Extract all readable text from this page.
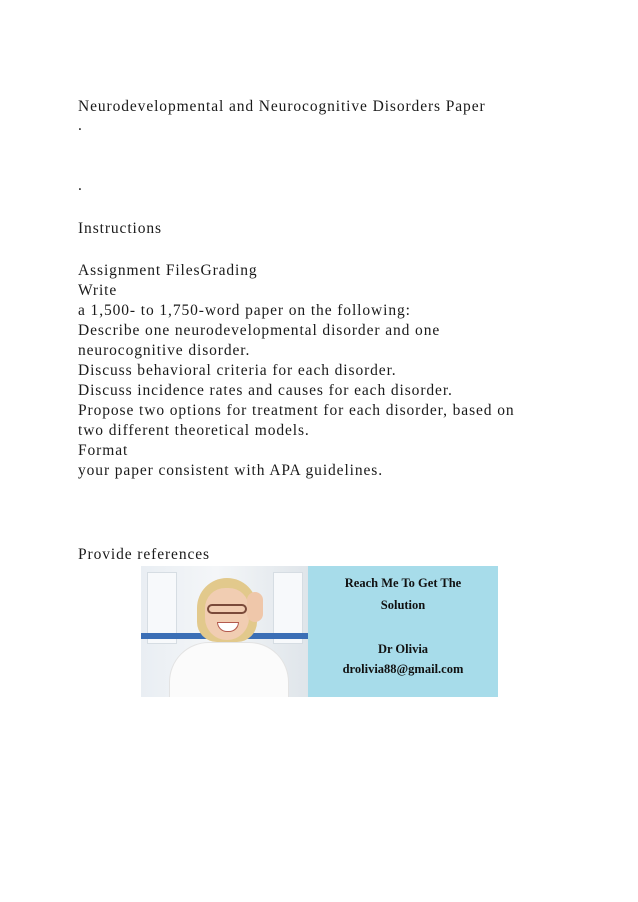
Neurodevelopmental and Neurocognitive Disorders Paper
.
.
Instructions
Assignment FilesGrading
Write
a 1,500- to 1,750-word paper on the following:
Describe one neurodevelopmental disorder and one
neurocognitive disorder.
Discuss behavioral criteria for each disorder.
Discuss incidence rates and causes for each disorder.
Propose two options for treatment for each disorder, based on
two different theoretical models.
Format
your paper consistent with APA guidelines.
Provide references
Reach Me To Get The
Solution
Dr Olivia
drolivia88@gmail.com
